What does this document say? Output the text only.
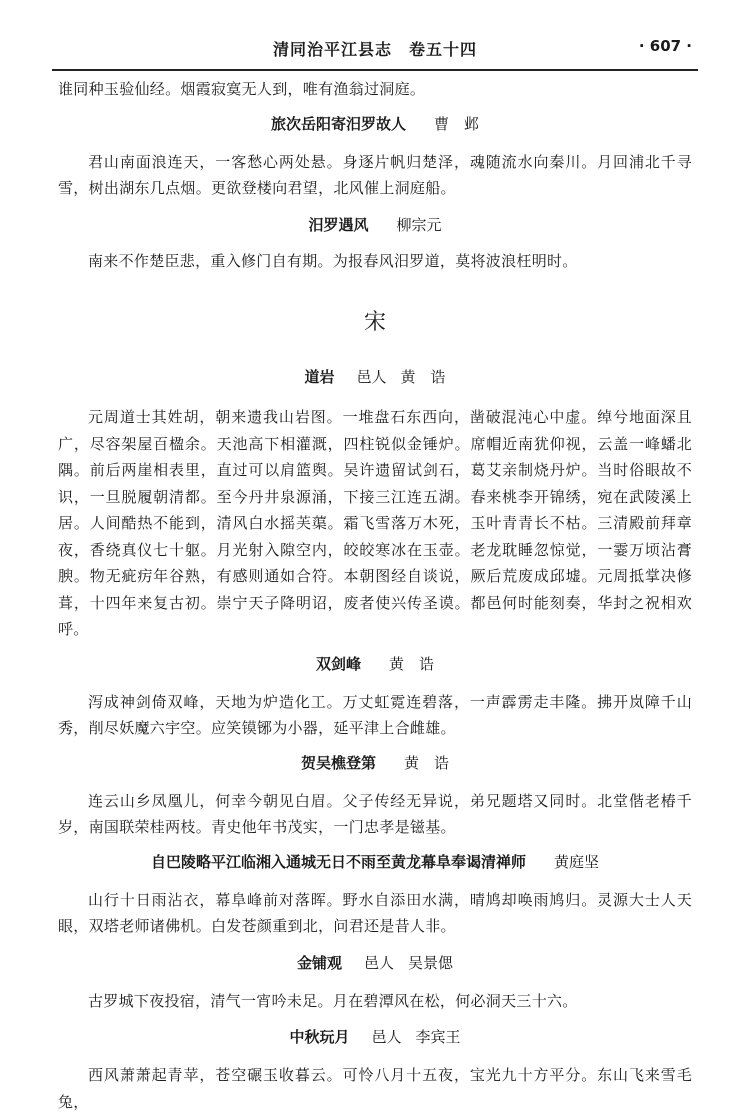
清同治平江县志　卷五十四	· 607 ·

谁同种玉验仙经。烟霞寂寞无人到，唯有渔翁过洞庭。

旅次岳阳寄汨罗故人 曹　邺

君山南面浪连天，一客愁心两处悬。身逐片帆归楚泽，魂随流水向秦川。月回浦北千寻雪，树出湖东几点烟。更欲登楼向君望，北风催上洞庭船。

汨罗遇风 柳宗元

南来不作楚臣悲，重入修门自有期。为报春风汨罗道，莫将波浪枉明时。

宋
道岩 邑人 黄　诰

元周道士其姓胡，朝来遗我山岩图。一堆盘石东西向，凿破混沌心中虚。绰兮地面深且广，尽容架屋百楹余。天池高下相灌溉，四柱锐似金锤炉。席帽近南犹仰视，云盖一峰蟠北隅。前后两崖相表里，直过可以肩篮舆。吴许遗留试剑石，葛艾亲制烧丹炉。当时俗眼故不识，一旦脱履朝清都。至今丹井泉源涌，下接三江连五湖。春来桃李开锦绣，宛在武陵溪上居。人间酷热不能到，清风白水摇芙蕖。霜飞雪落万木死，玉叶青青长不枯。三清殿前拜章夜，香绕真仪七十躯。月光射入隙空内，皎皎寒冰在玉壶。老龙耽睡忽惊觉，一霎万顷沾膏腴。物无疵疠年谷熟，有感则通如合符。本朝图经自谈说，厥后荒废成邱墟。元周抵掌决修葺，十四年来复古初。崇宁天子降明诏，废者使兴传圣谟。都邑何时能刻奏，华封之祝相欢呼。

双剑峰 黄　诰

泻成神剑倚双峰，天地为炉造化工。万丈虹霓连碧落，一声霹雳走丰隆。拂开岚障千山秀，削尽妖魔六宇空。应笑镆铘为小器，延平津上合雌雄。

贺吴樵登第 黄　诰

连云山乡凤凰儿，何幸今朝见白眉。父子传经无异说，弟兄题塔又同时。北堂偕老椿千岁，南国联荣桂两枝。青史他年书茂实，一门忠孝是镃基。

自巴陵略平江临湘入通城无日不雨至黄龙幕阜奉谒清禅师 黄庭坚

山行十日雨沾衣，幕阜峰前对落晖。野水自添田水满，晴鸠却唤雨鸠归。灵源大士人天眼，双塔老师诸佛机。白发苍颜重到北，问君还是昔人非。

金铺观 邑人 吴景偲

古罗城下夜投宿，清气一宵吟未足。月在碧潭风在松，何必洞天三十六。

中秋玩月 邑人 李宾王

西风萧萧起青苹，苍空碾玉收暮云。可怜八月十五夜，宝光九十方平分。东山飞来雪毛兔，
